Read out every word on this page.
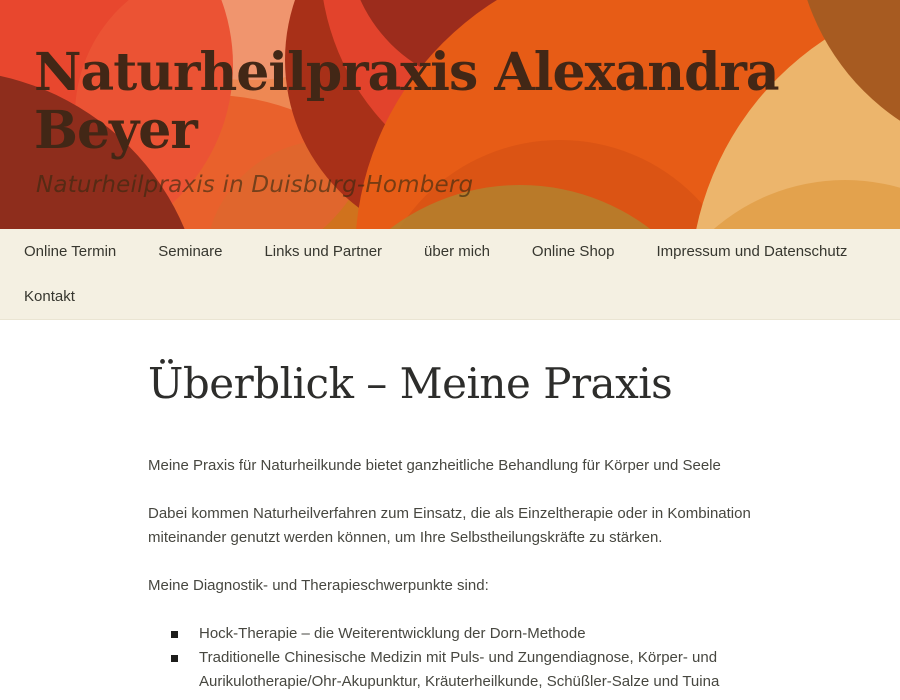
Naturheilpraxis Alexandra Beyer
Naturheilpraxis in Duisburg-Homberg
Online Termin	Seminare	Links und Partner	über mich	Online Shop	Impressum und Datenschutz
Kontakt
Überblick – Meine Praxis

Meine Praxis für Naturheilkunde bietet ganzheitliche Behandlung für Körper und Seele

Dabei kommen Naturheilverfahren zum Einsatz, die als Einzeltherapie oder in Kombination miteinander genutzt werden können, um Ihre Selbstheilungskräfte zu stärken.

Meine Diagnostik- und Therapieschwerpunkte sind:

Hock-Therapie – die Weiterentwicklung der Dorn-Methode
Traditionelle Chinesische Medizin mit Puls- und Zungendiagnose, Körper- und Aurikulotherapie/Ohr-Akupunktur, Kräuterheilkunde, Schüßler-Salze und Tuina
